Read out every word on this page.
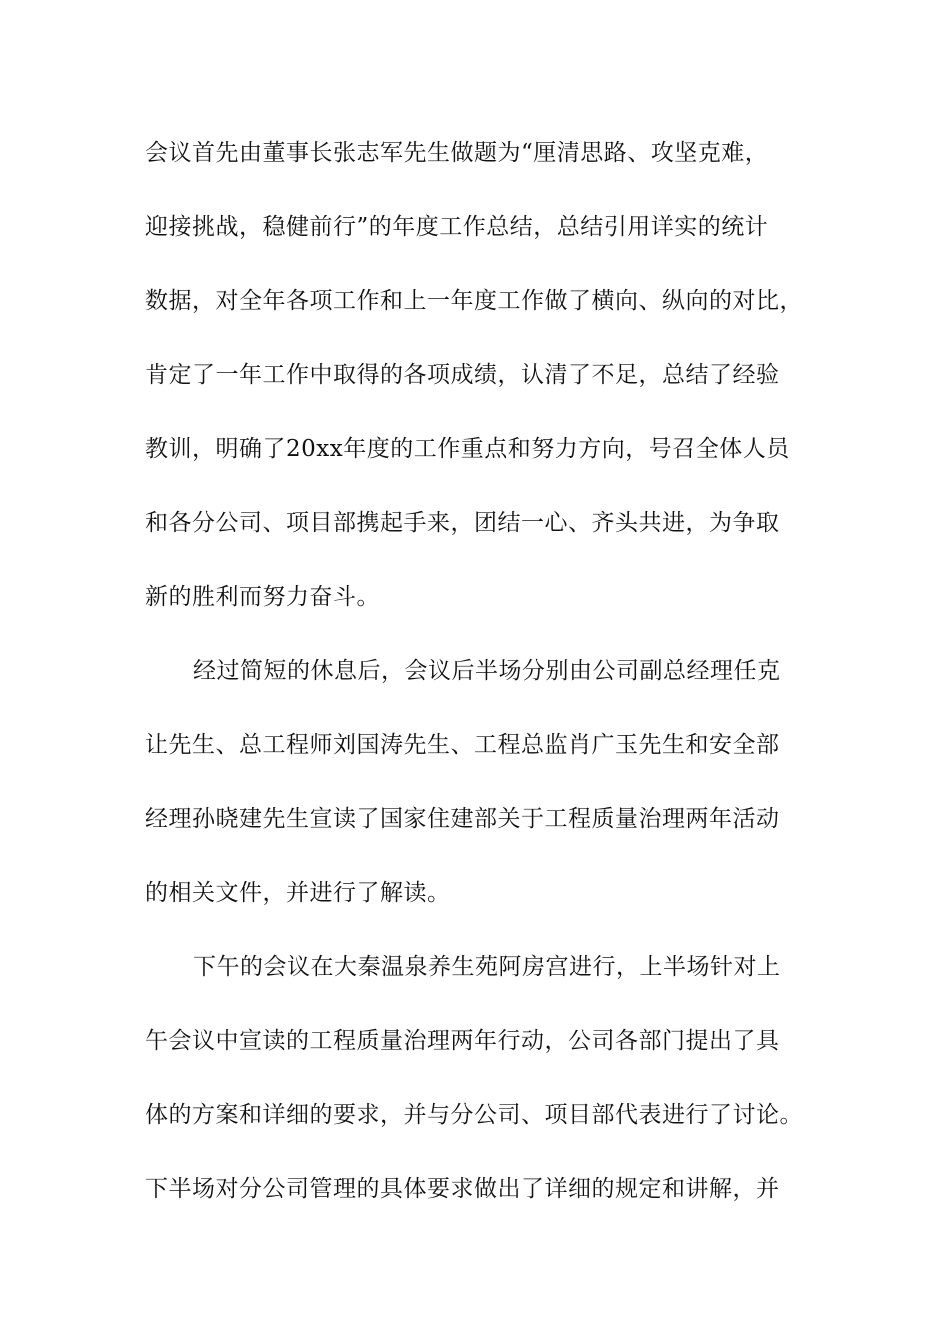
会议首先由董事长张志军先生做题为“厘清思路、攻坚克难，
迎接挑战，稳健前行”的年度工作总结，总结引用详实的统计
数据，对全年各项工作和上一年度工作做了横向、纵向的对比，
肯定了一年工作中取得的各项成绩，认清了不足，总结了经验
教训，明确了20xx年度的工作重点和努力方向，号召全体人员
和各分公司、项目部携起手来，团结一心、齐头共进，为争取
新的胜利而努力奋斗。
经过简短的休息后，会议后半场分别由公司副总经理任克
让先生、总工程师刘国涛先生、工程总监肖广玉先生和安全部
经理孙晓建先生宣读了国家住建部关于工程质量治理两年活动
的相关文件，并进行了解读。
下午的会议在大秦温泉养生苑阿房宫进行，上半场针对上
午会议中宣读的工程质量治理两年行动，公司各部门提出了具
体的方案和详细的要求，并与分公司、项目部代表进行了讨论。
下半场对分公司管理的具体要求做出了详细的规定和讲解，并
